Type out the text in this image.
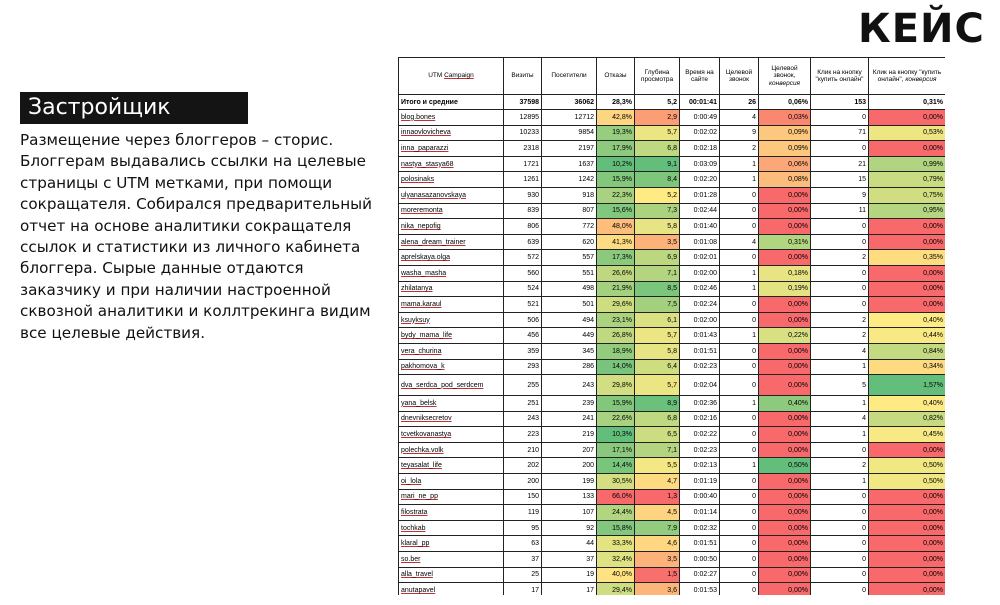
КЕЙС
Застройщик
Размещение через блоггеров – сторис. Блоггерам выдавались ссылки на целевые страницы с UTM метками, при помощи сокращателя. Собирался предварительный отчет на основе аналитики сокращателя ссылок и статистики из личного кабинета блоггера. Сырые данные отдаются заказчику и при наличии настроенной сквозной аналитики и коллтрекинга видим все целевые действия.
UTM Campaign	Визиты	Посетители	Отказы	Глубина просмотра	Время на сайте	Целевой звонок	Целевой звонок, конверсия	Клик на кнопку "купить онлайн"	Клик на кнопку "купить онлайн", конверсия
Итого и средние	37598	36062	28,3%	5,2	00:01:41	26	0,06%	153	0,31%
blog.bones	12895	12712	42,8%	2,9	0:00:49	4	0,03%	0	0,00%
innaovlovicheva	10233	9854	19,3%	5,7	0:02:02	9	0,09%	71	0,53%
inna_paparazzi	2318	2197	17,9%	6,8	0:02:18	2	0,09%	0	0,00%
nastya_stasya68	1721	1637	10,2%	9,1	0:03:09	1	0,06%	21	0,99%
polosinaks	1261	1242	15,9%	8,4	0:02:20	1	0,08%	15	0,79%
ulyanasazanovskaya	930	918	22,3%	5,2	0:01:28	0	0,00%	9	0,75%
moreremonta	839	807	15,6%	7,3	0:02:44	0	0,00%	11	0,95%
nika_nepofig	806	772	48,0%	5,8	0:01:40	0	0,00%	0	0,00%
alena_dream_trainer	639	620	41,3%	3,5	0:01:08	4	0,31%	0	0,00%
aprelskaya.olga	572	557	17,3%	6,9	0:02:01	0	0,00%	2	0,35%
washa_masha	560	551	26,6%	7,1	0:02:00	1	0,18%	0	0,00%
zhilatanya	524	498	21,9%	8,5	0:02:46	1	0,19%	0	0,00%
mama.karaul	521	501	29,6%	7,5	0:02:24	0	0,00%	0	0,00%
ksuyksuy	506	494	23,1%	6,1	0:02:00	0	0,00%	2	0,40%
bydy_mama_life	456	449	26,8%	5,7	0:01:43	1	0,22%	2	0,44%
vera_churina	359	345	18,9%	5,8	0:01:51	0	0,00%	4	0,84%
pakhomova_k	293	286	14,0%	6,4	0:02:23	0	0,00%	1	0,34%
dva_serdca_pod_serdcem	255	243	29,8%	5,7	0:02:04	0	0,00%	5	1,57%
yana_belsk	251	239	15,9%	8,9	0:02:36	1	0,40%	1	0,40%
dnevniksecretov	243	241	22,6%	6,8	0:02:16	0	0,00%	4	0,82%
tcvetkovanastya	223	219	10,3%	6,5	0:02:22	0	0,00%	1	0,45%
polechka.volk	210	207	17,1%	7,1	0:02:23	0	0,00%	0	0,00%
teyasalat_life	202	200	14,4%	5,5	0:02:13	1	0,50%	2	0,50%
oi_lola	200	199	30,5%	4,7	0:01:19	0	0,00%	1	0,50%
mari_ne_pp	150	133	66,0%	1,3	0:00:40	0	0,00%	0	0,00%
filostrata	119	107	24,4%	4,5	0:01:14	0	0,00%	0	0,00%
tochkab	95	92	15,8%	7,9	0:02:32	0	0,00%	0	0,00%
klaral_pp	63	44	33,3%	4,6	0:01:51	0	0,00%	0	0,00%
so.ber	37	37	32,4%	3,5	0:00:50	0	0,00%	0	0,00%
alla_travel	25	19	40,0%	1,5	0:02:27	0	0,00%	0	0,00%
anutapavel	17	17	29,4%	3,6	0:01:53	0	0,00%	0	0,00%
